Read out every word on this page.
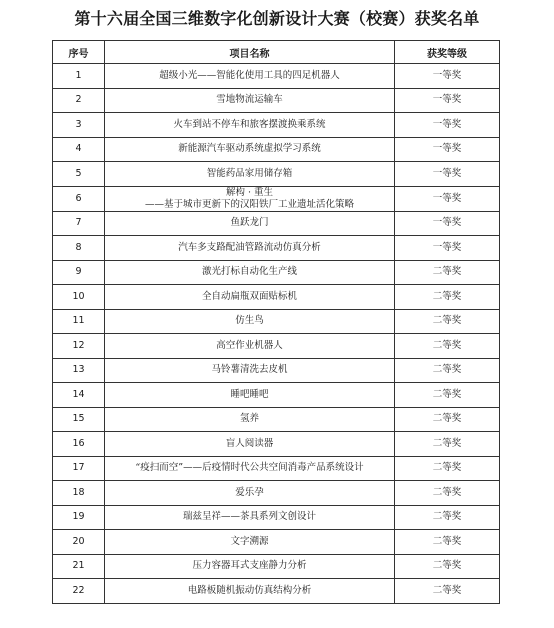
第十六届全国三维数字化创新设计大赛（校赛）获奖名单
序号	项目名称	获奖等级
1	超级小光——智能化使用工具的四足机器人	一等奖
2	雪地物流运输车	一等奖
3	火车到站不停车和旅客摆渡换乘系统	一等奖
4	新能源汽车驱动系统虚拟学习系统	一等奖
5	智能药品家用储存箱	一等奖
6	解构 · 重生
——基于城市更新下的汉阳铁厂工业遗址活化策略	一等奖
7	鱼跃龙门	一等奖
8	汽车多支路配油管路流动仿真分析	一等奖
9	激光打标自动化生产线	二等奖
10	全自动扁瓶双面贴标机	二等奖
11	仿生鸟	二等奖
12	高空作业机器人	二等奖
13	马铃薯清洗去皮机	二等奖
14	睡吧睡吧	二等奖
15	氢养	二等奖
16	盲人阅读器	二等奖
17	“疫扫而空”——后疫情时代公共空间消毒产品系统设计	二等奖
18	爱乐孕	二等奖
19	瑞兹呈祥——茶具系列文创设计	二等奖
20	文字溯源	二等奖
21	压力容器耳式支座静力分析	二等奖
22	电路板随机振动仿真结构分析	二等奖
